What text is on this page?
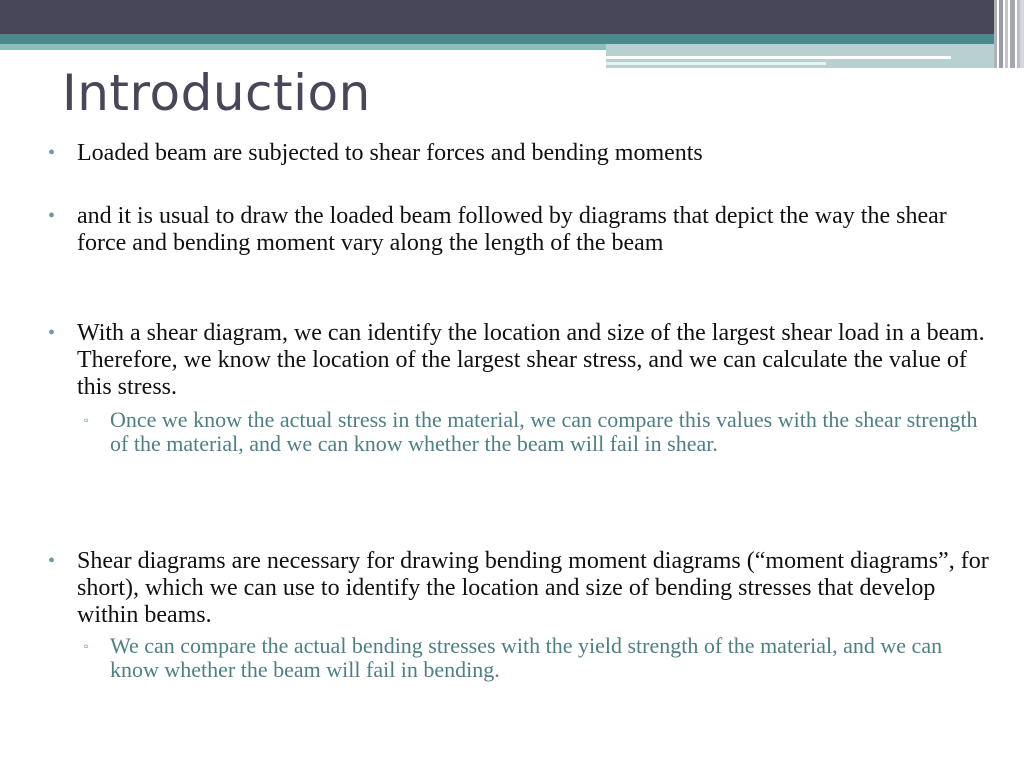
Introduction
• Loaded beam are subjected to shear forces and bending moments
• and it is usual to draw the loaded beam followed by diagrams that depict the way the shear force and bending moment vary along the length of the beam
• With a shear diagram, we can identify the location and size of the largest shear load in a beam. Therefore, we know the location of the largest shear stress, and we can calculate the value of this stress.
▫ Once we know the actual stress in the material, we can compare this values with the shear strength of the material, and we can know whether the beam will fail in shear.
• Shear diagrams are necessary for drawing bending moment diagrams (“moment diagrams”, for short), which we can use to identify the location and size of bending stresses that develop within beams.
▫ We can compare the actual bending stresses with the yield strength of the material, and we can know whether the beam will fail in bending.
